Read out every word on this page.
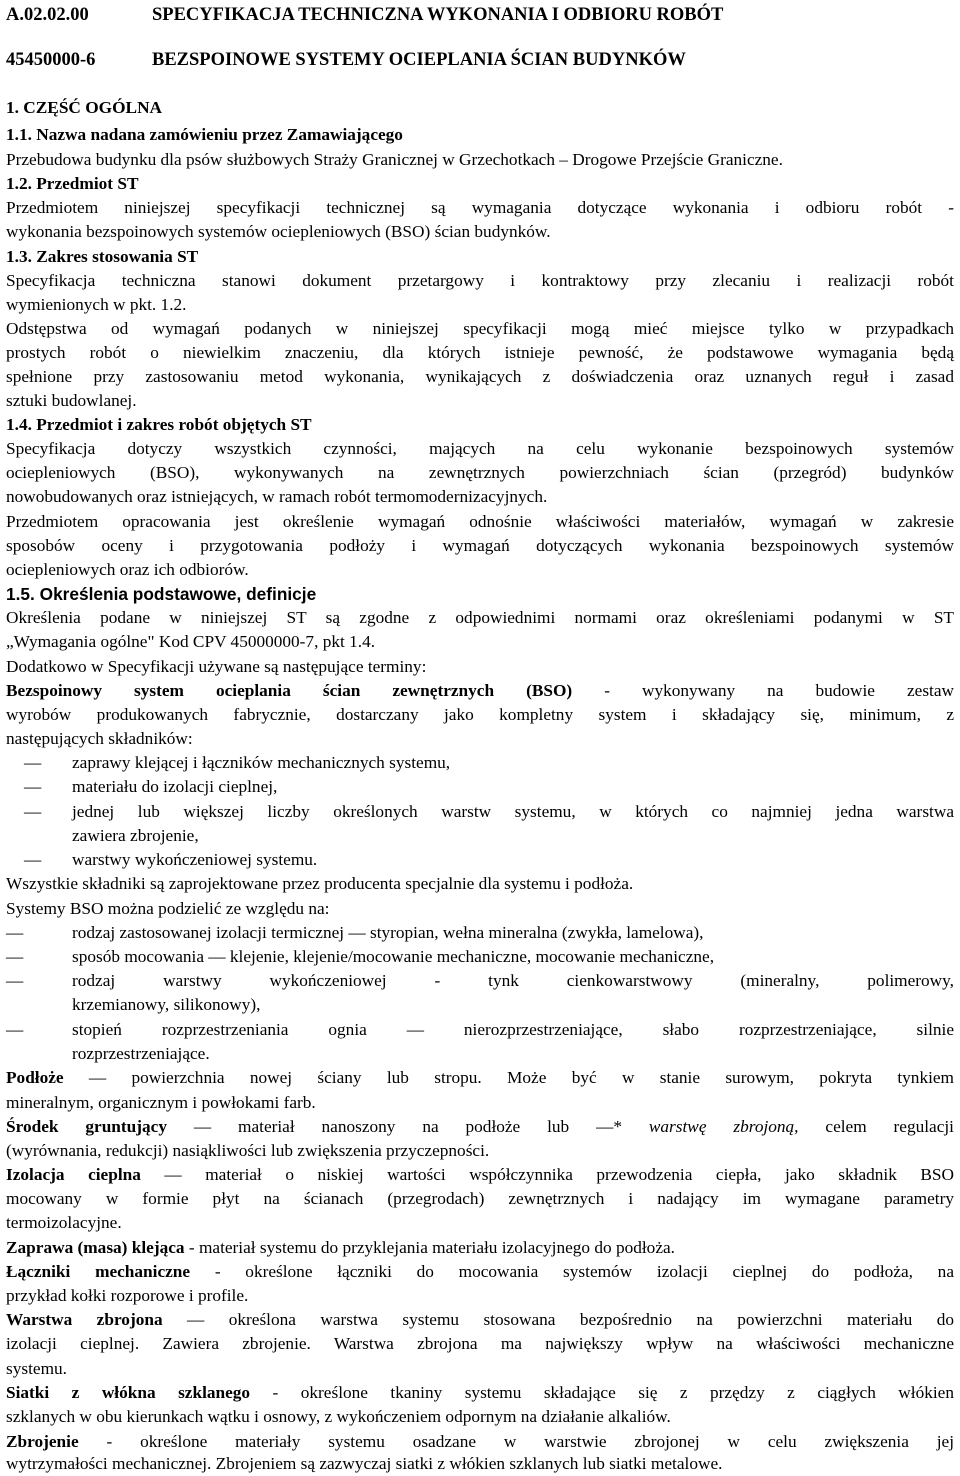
A.02.02.00	SPECYFIKACJA TECHNICZNA WYKONANIA I ODBIORU ROBÓT
45450000-6	BEZSPOINOWE SYSTEMY OCIEPLANIA ŚCIAN BUDYNKÓW
1. CZĘŚĆ OGÓLNA
1.1. Nazwa nadana zamówieniu przez Zamawiającego
Przebudowa budynku dla psów służbowych Straży Granicznej w Grzechotkach – Drogowe Przejście Graniczne.
1.2. Przedmiot ST
Przedmiotem niniejszej specyfikacji technicznej są wymagania dotyczące wykonania i odbioru robót -
wykonania bezspoinowych systemów ociepleniowych (BSO) ścian budynków.
1.3. Zakres stosowania ST
Specyfikacja techniczna stanowi dokument przetargowy i kontraktowy przy zlecaniu i realizacji robót
wymienionych w pkt. 1.2.
Odstępstwa od wymagań podanych w niniejszej specyfikacji mogą mieć miejsce tylko w przypadkach
prostych robót o niewielkim znaczeniu, dla których istnieje pewność, że podstawowe wymagania będą
spełnione przy zastosowaniu metod wykonania, wynikających z doświadczenia oraz uznanych reguł i zasad
sztuki budowlanej.
1.4. Przedmiot i zakres robót objętych ST
Specyfikacja dotyczy wszystkich czynności, mających na celu wykonanie bezspoinowych systemów
ociepleniowych (BSO), wykonywanych na zewnętrznych powierzchniach ścian (przegród) budynków
nowobudowanych oraz istniejących, w ramach robót termomodernizacyjnych.
Przedmiotem opracowania jest określenie wymagań odnośnie właściwości materiałów, wymagań w zakresie
sposobów oceny i przygotowania podłoży i wymagań dotyczących wykonania bezspoinowych systemów
ociepleniowych oraz ich odbiorów.
1.5. Określenia podstawowe, definicje
Określenia podane w niniejszej ST są zgodne z odpowiednimi normami oraz określeniami podanymi w ST
„Wymagania ogólne" Kod CPV 45000000-7, pkt 1.4.
Dodatkowo w Specyfikacji używane są następujące terminy:
Bezspoinowy system ocieplania ścian zewnętrznych (BSO) - wykonywany na budowie zestaw
wyrobów produkowanych fabrycznie, dostarczany jako kompletny system i składający się, minimum, z
następujących składników:
— zaprawy klejącej i łączników mechanicznych systemu,
— materiału do izolacji cieplnej,
— jednej lub większej liczby określonych warstw systemu, w których co najmniej jedna warstwa
zawiera zbrojenie,
— warstwy wykończeniowej systemu.
Wszystkie składniki są zaprojektowane przez producenta specjalnie dla systemu i podłoża.
Systemy BSO można podzielić ze względu na:
—	rodzaj zastosowanej izolacji termicznej — styropian, wełna mineralna (zwykła, lamelowa),
—	sposób mocowania — klejenie, klejenie/mocowanie mechaniczne, mocowanie mechaniczne,
—	rodzaj warstwy wykończeniowej - tynk cienkowarstwowy (mineralny, polimerowy,
krzemianowy, silikonowy),
—	stopień rozprzestrzeniania ognia — nierozprzestrzeniające, słabo rozprzestrzeniające, silnie
rozprzestrzeniające.
Podłoże — powierzchnia nowej ściany lub stropu. Może być w stanie surowym, pokryta tynkiem
mineralnym, organicznym i powłokami farb.
Środek gruntujący — materiał nanoszony na podłoże lub —* warstwę zbrojoną, celem regulacji
(wyrównania, redukcji) nasiąkliwości lub zwiększenia przyczepności.
Izolacja cieplna — materiał o niskiej wartości współczynnika przewodzenia ciepła, jako składnik BSO
mocowany w formie płyt na ścianach (przegrodach) zewnętrznych i nadający im wymagane parametry
termoizolacyjne.
Zaprawa (masa) klejąca - materiał systemu do przyklejania materiału izolacyjnego do podłoża.
Łączniki mechaniczne - określone łączniki do mocowania systemów izolacji cieplnej do podłoża, na
przykład kołki rozporowe i profile.
Warstwa zbrojona — określona warstwa systemu stosowana bezpośrednio na powierzchni materiału do
izolacji cieplnej. Zawiera zbrojenie. Warstwa zbrojona ma największy wpływ na właściwości mechaniczne
systemu.
Siatki z włókna szklanego - określone tkaniny systemu składające się z przędzy z ciągłych włókien
szklanych w obu kierunkach wątku i osnowy, z wykończeniem odpornym na działanie alkaliów.
Zbrojenie - określone materiały systemu osadzane w warstwie zbrojonej w celu zwiększenia jej
wytrzymałości mechanicznej. Zbrojeniem są zazwyczaj siatki z włókien szklanych lub siatki metalowe.
